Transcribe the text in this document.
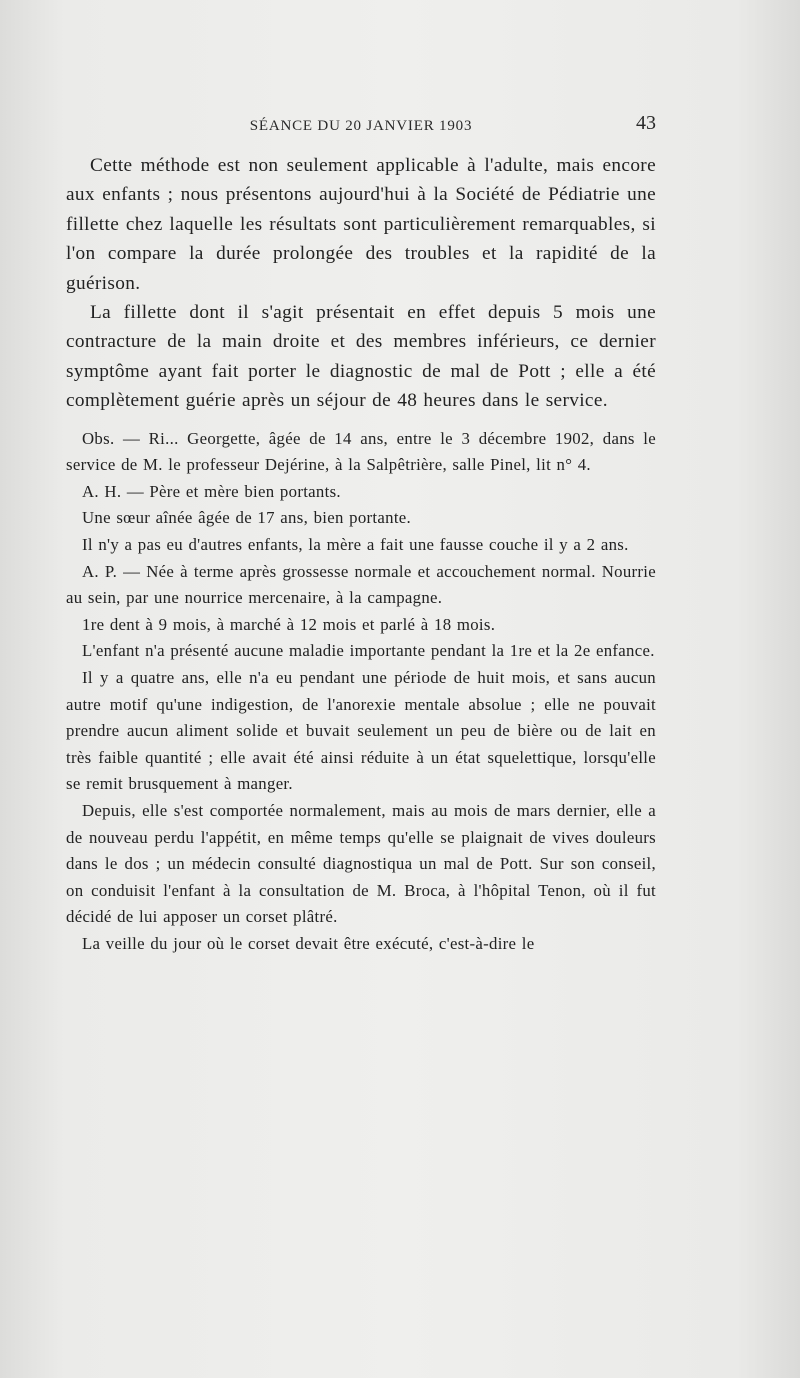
SÉANCE DU 20 JANVIER 1903	43

Cette méthode est non seulement applicable à l'adulte, mais encore aux enfants ; nous présentons aujourd'hui à la Société de Pédiatrie une fillette chez laquelle les résultats sont particulièrement remarquables, si l'on compare la durée prolongée des troubles et la rapidité de la guérison.

La fillette dont il s'agit présentait en effet depuis 5 mois une contracture de la main droite et des membres inférieurs, ce dernier symptôme ayant fait porter le diagnostic de mal de Pott ; elle a été complètement guérie après un séjour de 48 heures dans le service.

Obs. — Ri... Georgette, âgée de 14 ans, entre le 3 décembre 1902, dans le service de M. le professeur Dejérine, à la Salpêtrière, salle Pinel, lit n° 4.

A. H. — Père et mère bien portants.

Une sœur aînée âgée de 17 ans, bien portante.

Il n'y a pas eu d'autres enfants, la mère a fait une fausse couche il y a 2 ans.

A. P. — Née à terme après grossesse normale et accouchement normal. Nourrie au sein, par une nourrice mercenaire, à la campagne.

1re dent à 9 mois, à marché à 12 mois et parlé à 18 mois.

L'enfant n'a présenté aucune maladie importante pendant la 1re et la 2e enfance.

Il y a quatre ans, elle n'a eu pendant une période de huit mois, et sans aucun autre motif qu'une indigestion, de l'anorexie mentale absolue ; elle ne pouvait prendre aucun aliment solide et buvait seulement un peu de bière ou de lait en très faible quantité ; elle avait été ainsi réduite à un état squelettique, lorsqu'elle se remit brusquement à manger.

Depuis, elle s'est comportée normalement, mais au mois de mars dernier, elle a de nouveau perdu l'appétit, en même temps qu'elle se plaignait de vives douleurs dans le dos ; un médecin consulté diagnostiqua un mal de Pott. Sur son conseil, on conduisit l'enfant à la consultation de M. Broca, à l'hôpital Tenon, où il fut décidé de lui apposer un corset plâtré.

La veille du jour où le corset devait être exécuté, c'est-à-dire le
